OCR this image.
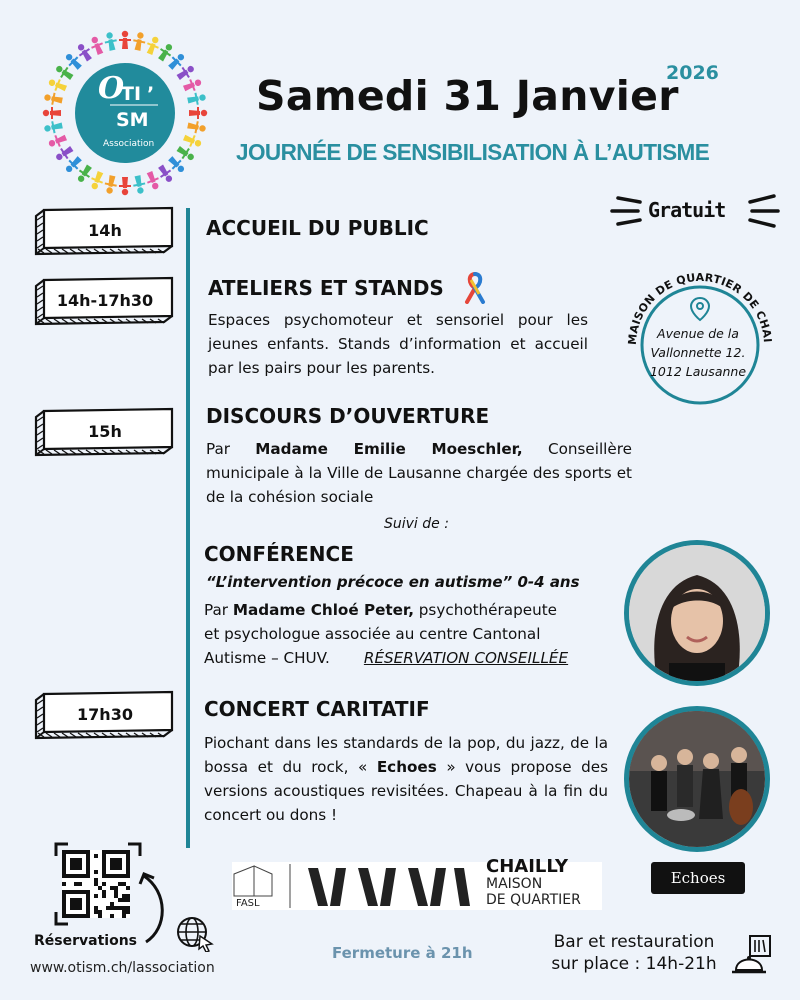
O
TI ’
SM
Association
2026
Samedi 31 Janvier
JOURNÉE DE SENSIBILISATION À L’AUTISME
Gratuit
MAISON DE QUARTIER DE CHAI
Avenue de la
Vallonnette 12.
1012 Lausanne
14h
14h-17h30
15h
17h30
ACCUEIL DU PUBLIC
ATELIERS ET STANDS
Espaces psychomoteur et sensoriel pour les jeunes enfants. Stands d’information et accueil par les pairs pour les parents.
DISCOURS D’OUVERTURE
Par Madame Emilie Moeschler, Conseillère municipale à la Ville de Lausanne chargée des sports et de la cohésion sociale
Suivi de :
CONFÉRENCE
“L’intervention précoce en autisme” 0-4 ans
Par Madame Chloé Peter, psychothérapeute
et psychologue associée au centre Cantonal
Autisme – CHUV. RÉSERVATION CONSEILLÉE
CONCERT CARITATIF
Piochant dans les standards de la pop, du jazz, de la bossa et du rock, « Echoes » vous propose des versions acoustiques revisitées. Chapeau à la fin du concert ou dons !
Réservations
www.otism.ch/lassociation
FASL
CHAILLY
MAISON
DE QUARTIER
Echoes
Fermeture à 21h
Bar et restauration
sur place : 14h-21h
